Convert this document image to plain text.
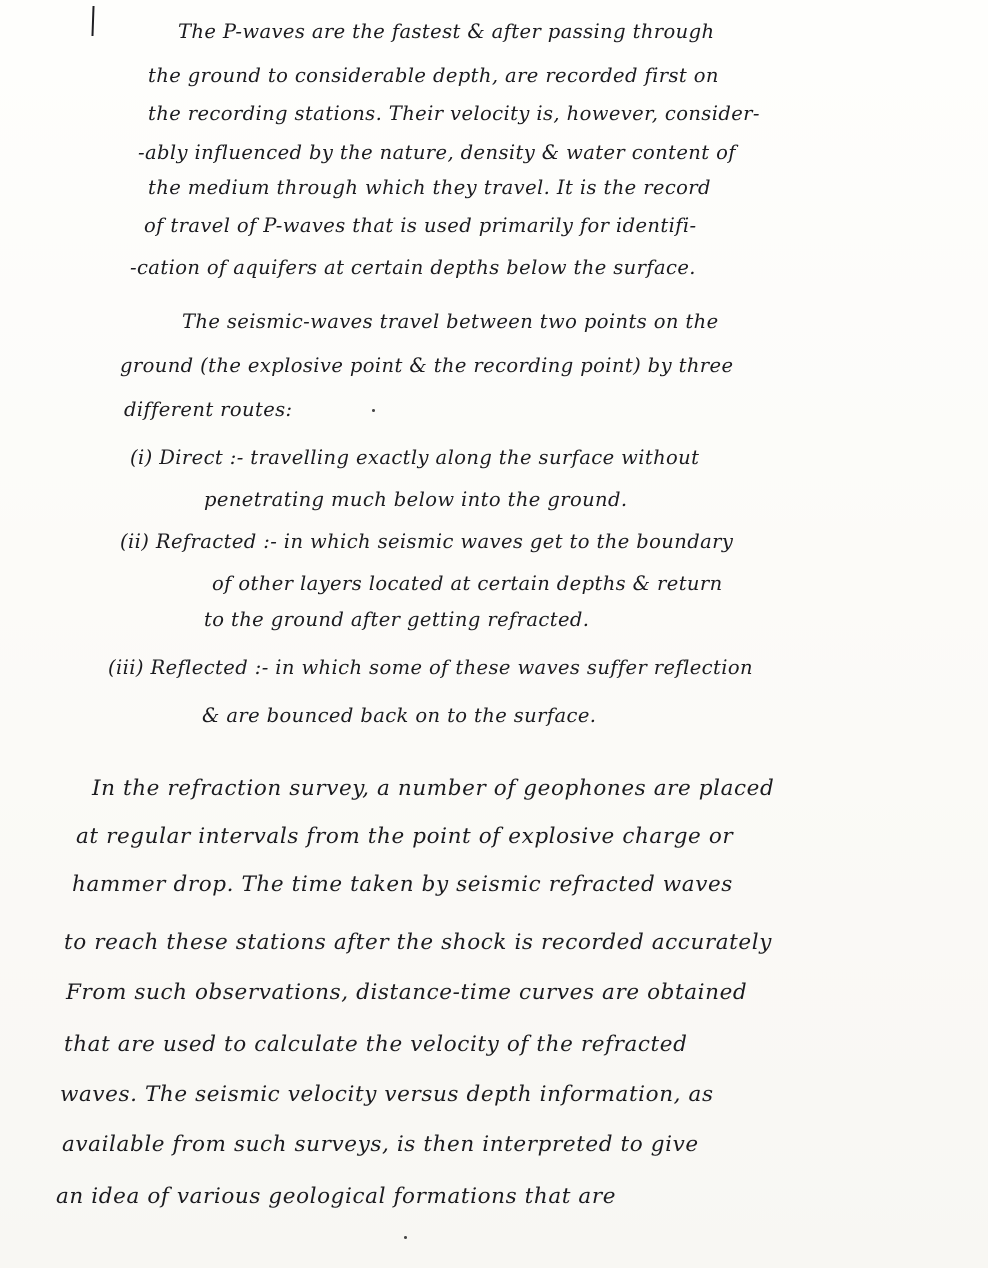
The P-waves are the fastest & after passing through

the ground to considerable depth, are recorded first on

the recording stations. Their velocity is, however, consider-

-ably influenced by the nature, density & water content of

the medium through which they travel. It is the record

of travel of P-waves that is used primarily for identifi-

-cation of aquifers at certain depths below the surface.

The seismic-waves travel between two points on the

ground (the explosive point & the recording point) by three

different routes:

(i) Direct :- travelling exactly along the surface without

penetrating much below into the ground.

(ii) Refracted :- in which seismic waves get to the boundary

of other layers located at certain depths & return

to the ground after getting refracted.

(iii) Reflected :- in which some of these waves suffer reflection

& are bounced back on to the surface.

In the refraction survey, a number of geophones are placed

at regular intervals from the point of explosive charge or

hammer drop. The time taken by seismic refracted waves

to reach these stations after the shock is recorded accurately

From such observations, distance-time curves are obtained

that are used to calculate the velocity of the refracted

waves. The seismic velocity versus depth information, as

available from such surveys, is then interpreted to give

an idea of various geological formations that are
